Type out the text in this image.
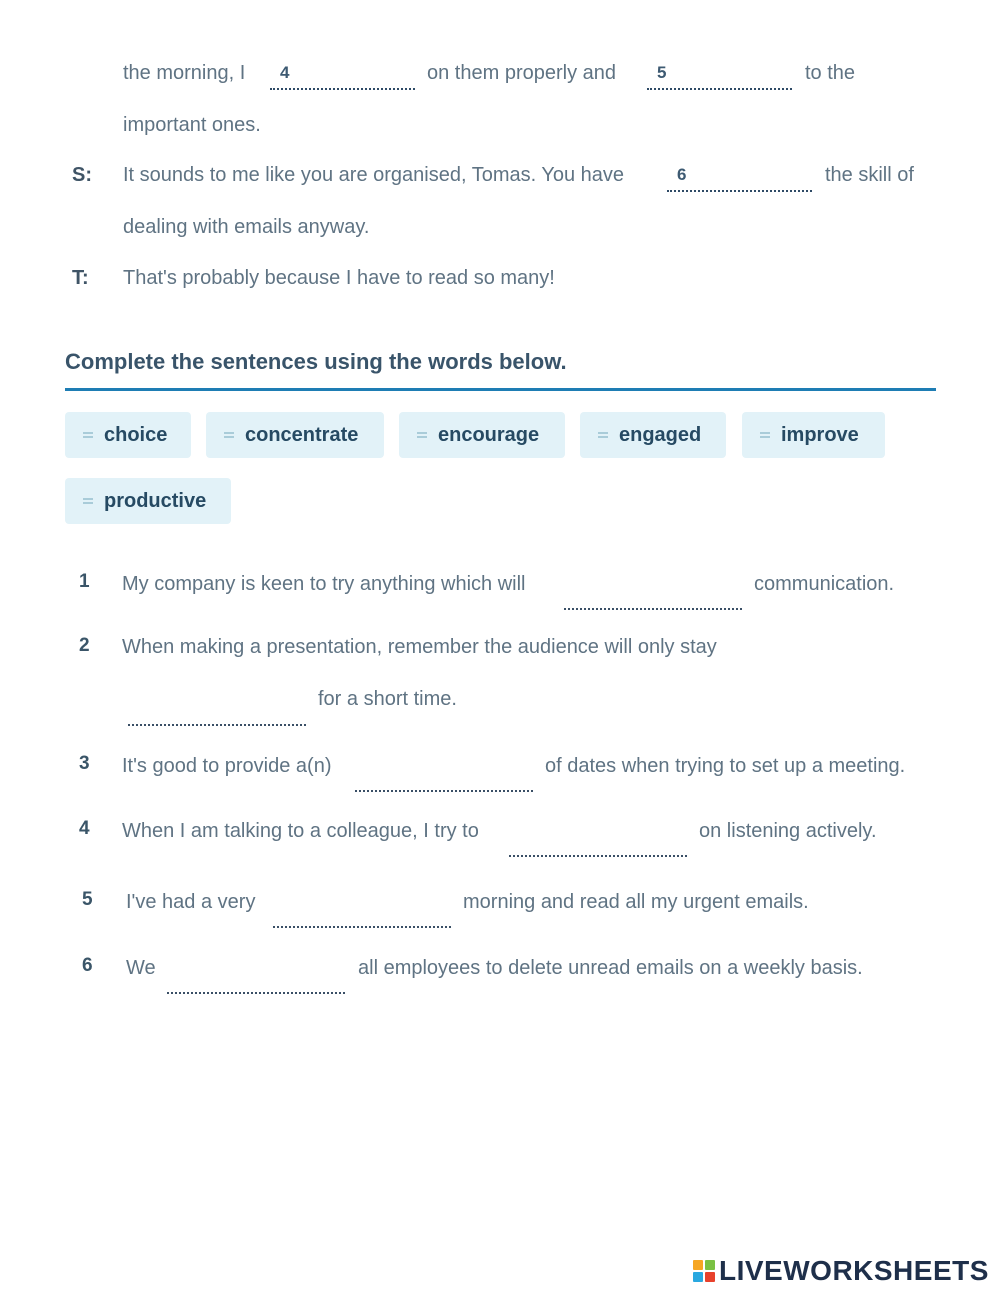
the morning, I 4	on them properly and 5	to the
important ones.
S: It sounds to me like you are organised, Tomas. You have	6	the skill of
dealing with emails anyway.
T: That's probably because I have to read so many!
Complete the sentences using the words below.
choice	concentrate	encourage	engaged	improve
productive
1 My company is keen to try anything which will	communication.
2 When making a presentation, remember the audience will only stay
for a short time.
3 It's good to provide a(n)	of dates when trying to set up a meeting.
4 When I am talking to a colleague, I try to	on listening actively.
5 I've had a very	morning and read all my urgent emails.
6 We	all employees to delete unread emails on a weekly basis.
LIVEWORKSHEETS
